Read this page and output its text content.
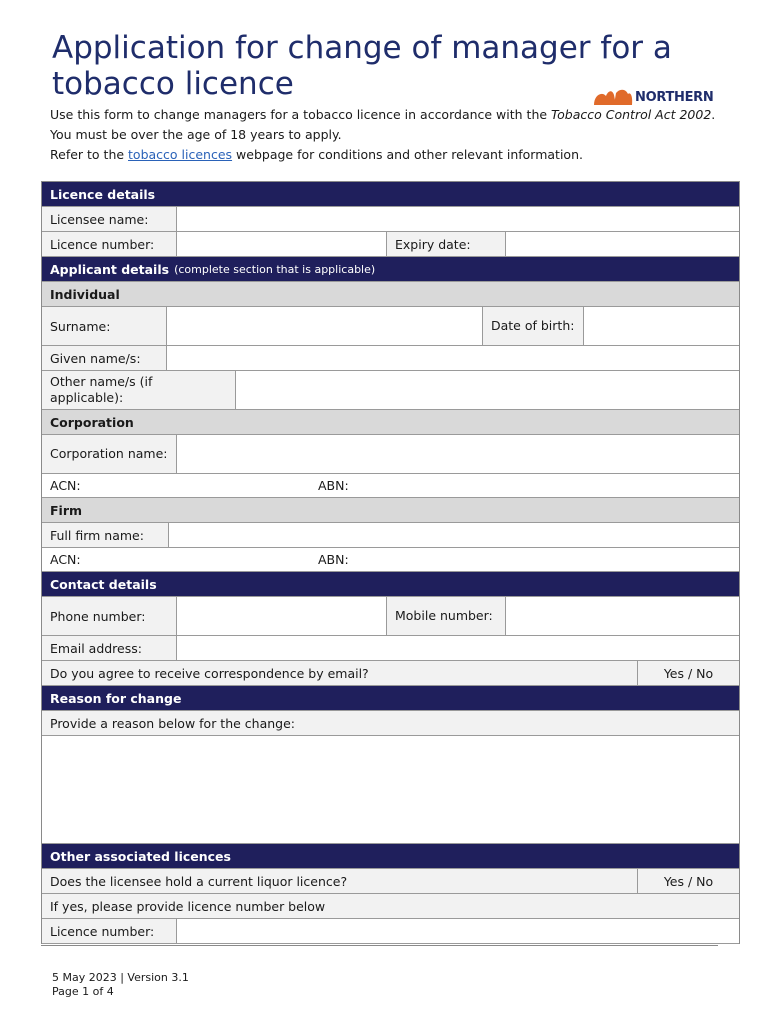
Application for change of manager for a tobacco licence	NORTHERN

Use this form to change managers for a tobacco licence in accordance with the Tobacco Control Act 2002.

You must be over the age of 18 years to apply.

Refer to the tobacco licences webpage for conditions and other relevant information.

Licence details
Licensee name:
Licence number:	Expiry date:
Applicant details (complete section that is applicable)
Individual
Surname:	Date of birth:
Given name/s:
Other name/s (if applicable):
Corporation
Corporation name:
ACN:	ABN:
Firm
Full firm name:
ACN:	ABN:
Contact details
Phone number:	Mobile number:
Email address:
Do you agree to receive correspondence by email?	Yes / No
Reason for change
Provide a reason below for the change:
Other associated licences
Does the licensee hold a current liquor licence?	Yes / No
If yes, please provide licence number below
Licence number:
5 May 2023 | Version 3.1
Page 1 of 4
